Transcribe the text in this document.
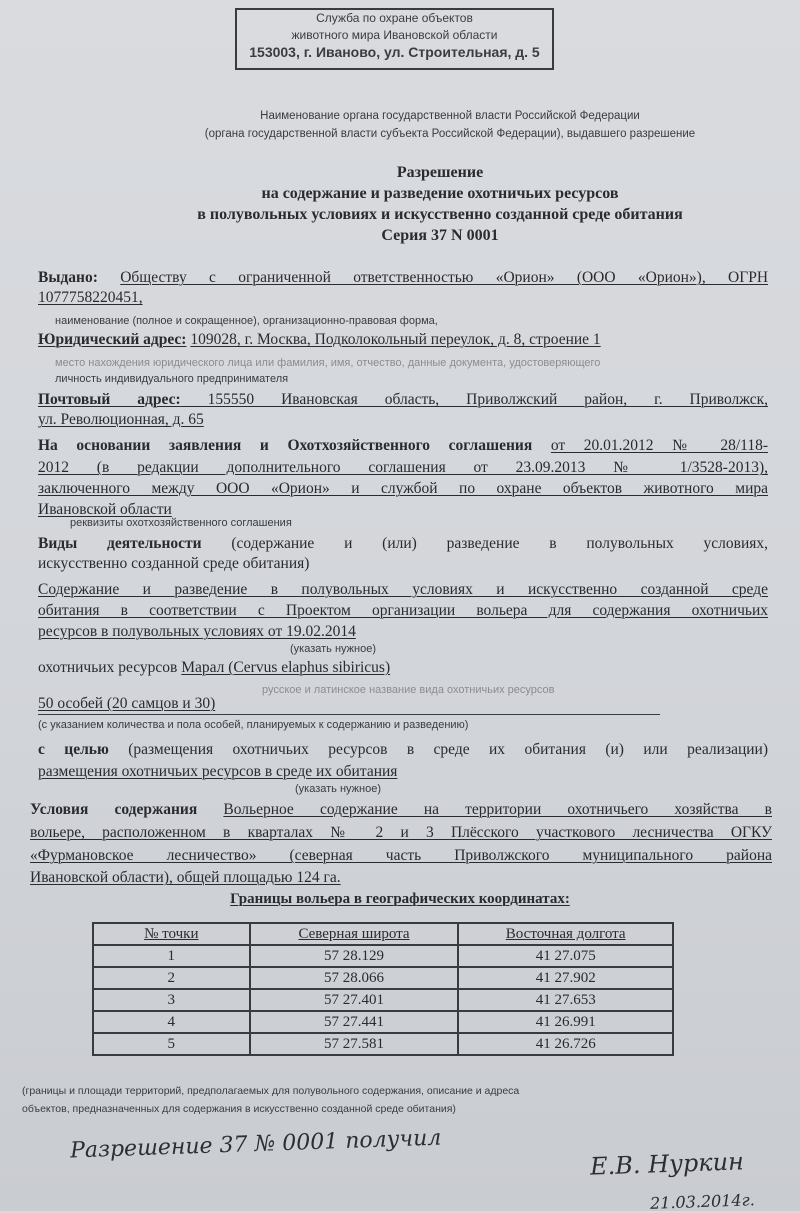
Служба по охране объектов
животного мира Ивановской области
153003, г. Иваново, ул. Строительная, д. 5
Наименование органа государственной власти Российской Федерации
(органа государственной власти субъекта Российской Федерации), выдавшего разрешение
Разрешение
на содержание и разведение охотничьих ресурсов
в полувольных условиях и искусственно созданной среде обитания
Серия 37 N 0001
Выдано: Обществу с ограниченной ответственностью «Орион» (ООО «Орион»), ОГРН
1077758220451,
наименование (полное и сокращенное), организационно-правовая форма,
Юридический адрес: 109028, г. Москва, Подколокольный переулок, д. 8, строение 1
место нахождения юридического лица или фамилия, имя, отчество, данные документа, удостоверяющего
личность индивидуального предпринимателя
Почтовый адрес: 155550 Ивановская область, Приволжский район, г. Приволжск,
ул. Революционная, д. 65
На основании заявления и Охотхозяйственного соглашения от 20.01.2012 № 28/118-
2012 (в редакции дополнительного соглашения от 23.09.2013 № 1/3528-2013),
заключенного между ООО «Орион» и службой по охране объектов животного мира
Ивановской области
реквизиты охотхозяйственного соглашения
Виды деятельности (содержание и (или) разведение в полувольных условиях,
искусственно созданной среде обитания)
Содержание и разведение в полувольных условиях и искусственно созданной среде
обитания в соответствии с Проектом организации вольера для содержания охотничьих
ресурсов в полувольных условиях от 19.02.2014
(указать нужное)
охотничьих ресурсов Марал (Cervus elaphus sibiricus)
русское и латинское название вида охотничьих ресурсов
50 особей (20 самцов и 30)
(с указанием количества и пола особей, планируемых к содержанию и разведению)
с целью (размещения охотничьих ресурсов в среде их обитания (и) или реализации)
размещения охотничьих ресурсов в среде их обитания
(указать нужное)
Условия содержания Вольерное содержание на территории охотничьего хозяйства в
вольере, расположенном в кварталах № 2 и 3 Плёсского участкового лесничества ОГКУ
«Фурмановское лесничество» (северная часть Приволжского муниципального района
Ивановской области), общей площадью 124 га.
Границы вольера в географических координатах:
№ точки	Северная широта	Восточная долгота
1	57 28.129	41 27.075
2	57 28.066	41 27.902
3	57 27.401	41 27.653
4	57 27.441	41 26.991
5	57 27.581	41 26.726
(границы и площади территорий, предполагаемых для полувольного содержания, описание и адреса
объектов, предназначенных для содержания в искусственно созданной среде обитания)
Разрешение 37 № 0001 получил
Е.В. Нуркин
21.03.2014г.
